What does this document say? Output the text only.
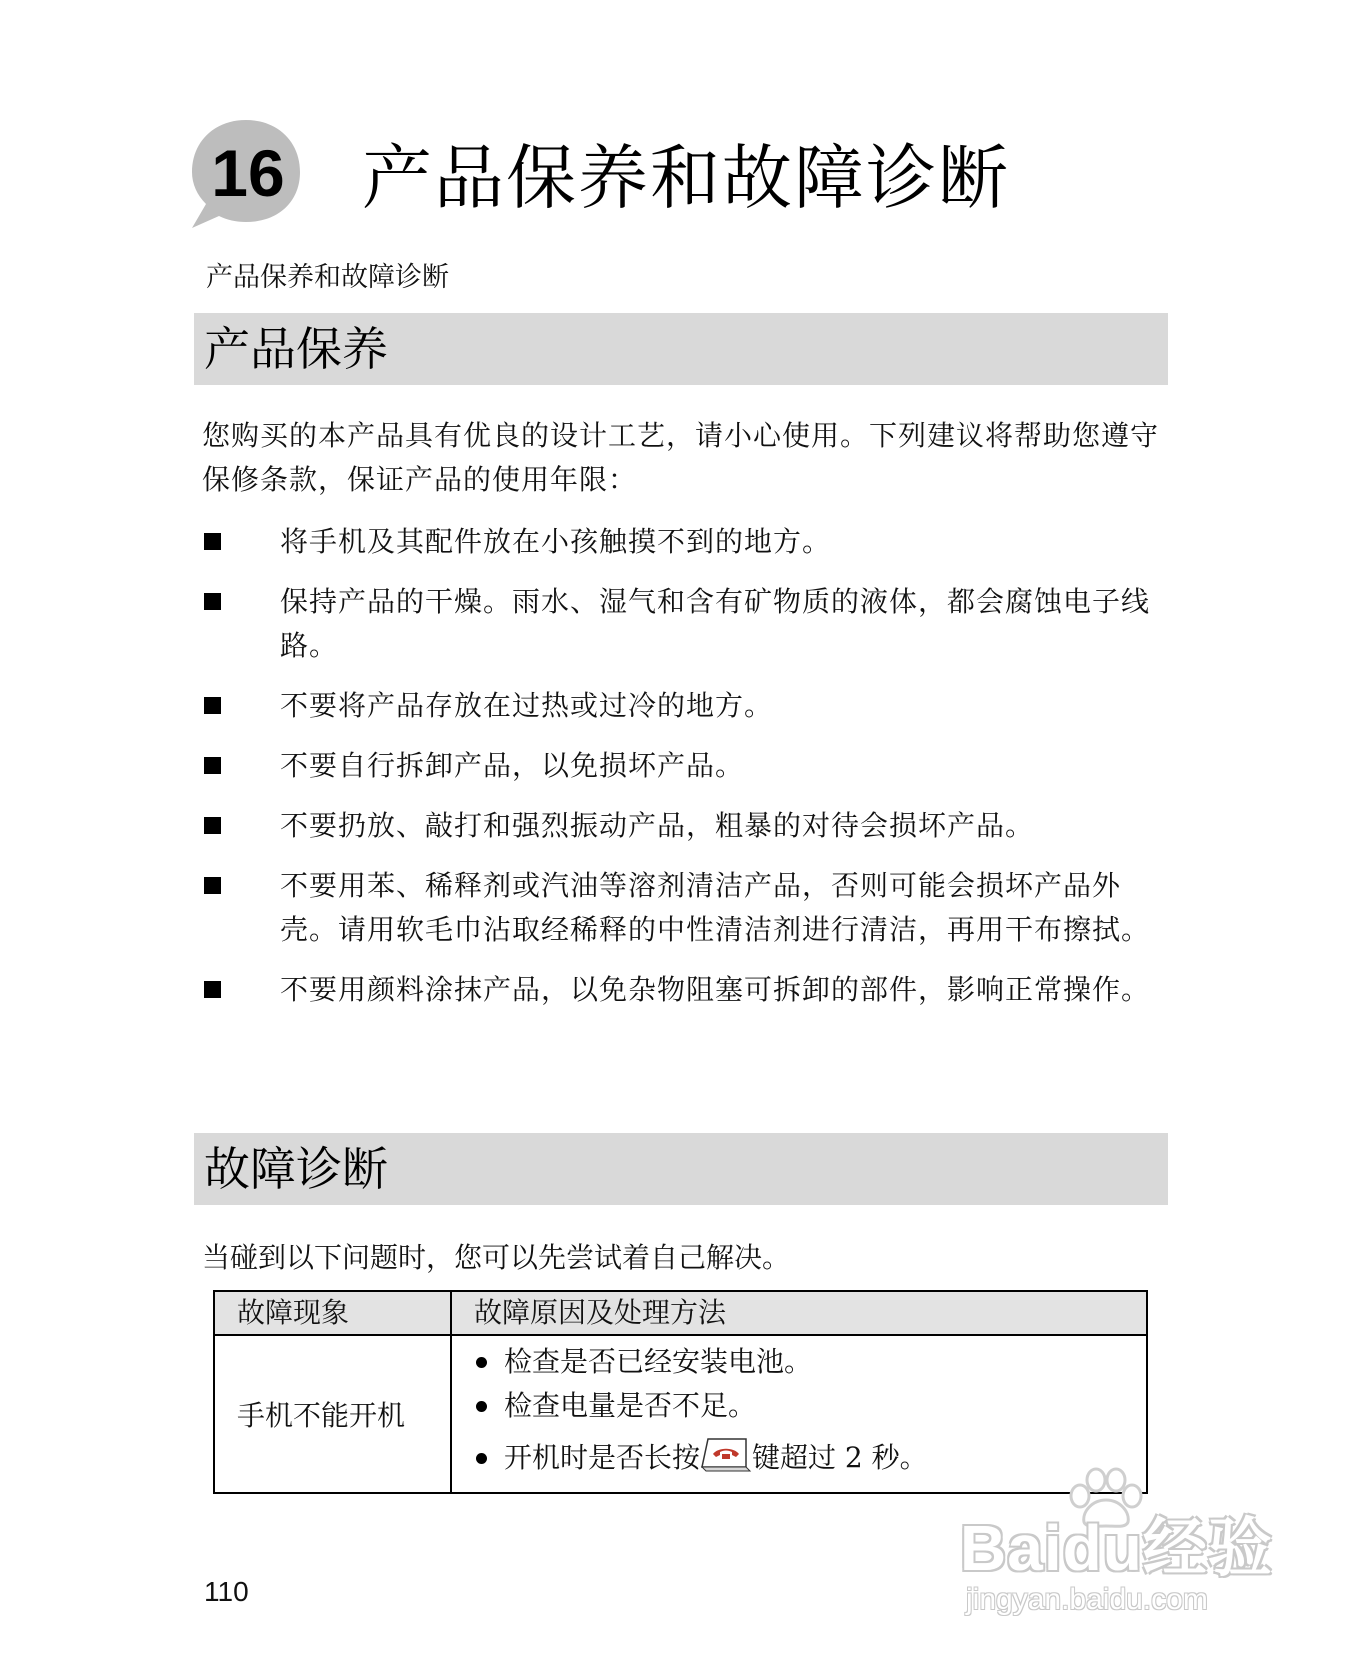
16 产品保养和故障诊断
产品保养和故障诊断
产品保养
您购买的本产品具有优良的设计工艺，请小心使用。下列建议将帮助您遵守保修条款，保证产品的使用年限：
将手机及其配件放在小孩触摸不到的地方。
保持产品的干燥。雨水、湿气和含有矿物质的液体，都会腐蚀电子线路。
不要将产品存放在过热或过冷的地方。
不要自行拆卸产品，以免损坏产品。
不要扔放、敲打和强烈振动产品，粗暴的对待会损坏产品。
不要用苯、稀释剂或汽油等溶剂清洁产品，否则可能会损坏产品外壳。请用软毛巾沾取经稀释的中性清洁剂进行清洁，再用干布擦拭。
不要用颜料涂抹产品，以免杂物阻塞可拆卸的部件，影响正常操作。
故障诊断
当碰到以下问题时，您可以先尝试着自己解决。
故障现象	故障原因及处理方法
手机不能开机	检查是否已经安装电池。
检查电量是否不足。
开机时是否长按 键超过 2 秒。
110
Baidu经验
jingyan.baidu.com
